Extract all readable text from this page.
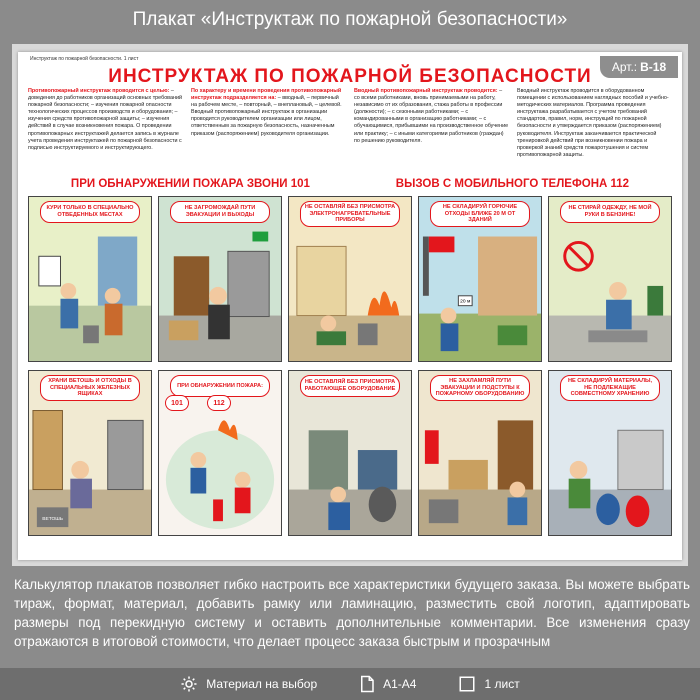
Плакат «Инструктаж по пожарной безопасности»
Инструктаж по пожарной безопасности. 1 лист
Арт.: В-18
ИНСТРУКТАЖ ПО ПОЖАРНОЙ БЕЗОПАСНОСТИ
Противопожарный инструктаж проводится с целью: – доведения до работников организаций основных требований пожарной безопасности; – изучения пожарной опасности технологических процессов производств и оборудования; – изучения средств противопожарной защиты; – изучения действий в случае возникновения пожара. О проведении противопожарных инструктажей делается запись в журнале учета проведения инструктажей по пожарной безопасности с подписью инструктируемого и инструктирующего.
По характеру и времени проведения противопожарный инструктаж подразделяется на: – вводный, – первичный на рабочем месте, – повторный, – внеплановый, – целевой. Вводный противопожарный инструктаж в организации проводится руководителем организации или лицом, ответственным за пожарную безопасность, назначенным приказом (распоряжением) руководителя организации.
Вводный противопожарный инструктаж проводится: – со всеми работниками, вновь принимаемыми на работу, независимо от их образования, стажа работы в профессии (должности); – с сезонными работниками; – с командированными в организацию работниками; – с обучающимися, прибывшими на производственное обучение или практику; – с иными категориями работников (граждан) по решению руководителя.
Вводный инструктаж проводится в оборудованном помещении с использованием наглядных пособий и учебно-методических материалов. Программа проведения инструктажа разрабатывается с учетом требований стандартов, правил, норм, инструкций по пожарной безопасности и утверждается приказом (распоряжением) руководителя. Инструктаж заканчивается практической тренировкой действий при возникновении пожара и проверкой знаний средств пожаротушения и систем противопожарной защиты.
ПРИ ОБНАРУЖЕНИИ ПОЖАРА ЗВОНИ 101	ВЫЗОВ С МОБИЛЬНОГО ТЕЛЕФОНА 112
КУРИ ТОЛЬКО В СПЕЦИАЛЬНО ОТВЕДЕННЫХ МЕСТАХ
НЕ ЗАГРОМОЖДАЙ ПУТИ ЭВАКУАЦИИ И ВЫХОДЫ
НЕ ОСТАВЛЯЙ БЕЗ ПРИСМОТРА ЭЛЕКТРОНАГРЕВАТЕЛЬНЫЕ ПРИБОРЫ
20 м
НЕ СКЛАДИРУЙ ГОРЮЧИЕ ОТХОДЫ БЛИЖЕ 20 М ОТ ЗДАНИЙ
НЕ СТИРАЙ ОДЕЖДУ, НЕ МОЙ РУКИ В БЕНЗИНЕ!
ВЕТОШЬ
ХРАНИ ВЕТОШЬ И ОТХОДЫ В СПЕЦИАЛЬНЫХ ЖЕЛЕЗНЫХ ЯЩИКАХ
ПРИ ОБНАРУЖЕНИИ ПОЖАРА:
101	112
НЕ ОСТАВЛЯЙ БЕЗ ПРИСМОТРА РАБОТАЮЩЕЕ ОБОРУДОВАНИЕ
НЕ ЗАХЛАМЛЯЙ ПУТИ ЭВАКУАЦИИ И ПОДСТУПЫ К ПОЖАРНОМУ ОБОРУДОВАНИЮ
НЕ СКЛАДИРУЙ МАТЕРИАЛЫ, НЕ ПОДЛЕЖАЩИЕ СОВМЕСТНОМУ ХРАНЕНИЮ
Калькулятор плакатов позволяет гибко настроить все характеристики будущего заказа. Вы можете выбрать тираж, формат, материал, добавить рамку или ламинацию, разместить свой логотип, адаптировать размеры под перекидную систему и оставить дополнительные комментарии. Все изменения сразу отражаются в итоговой стоимости, что делает процесс заказа быстрым и прозрачным
Материал на выбор	А1-А4	1 лист
